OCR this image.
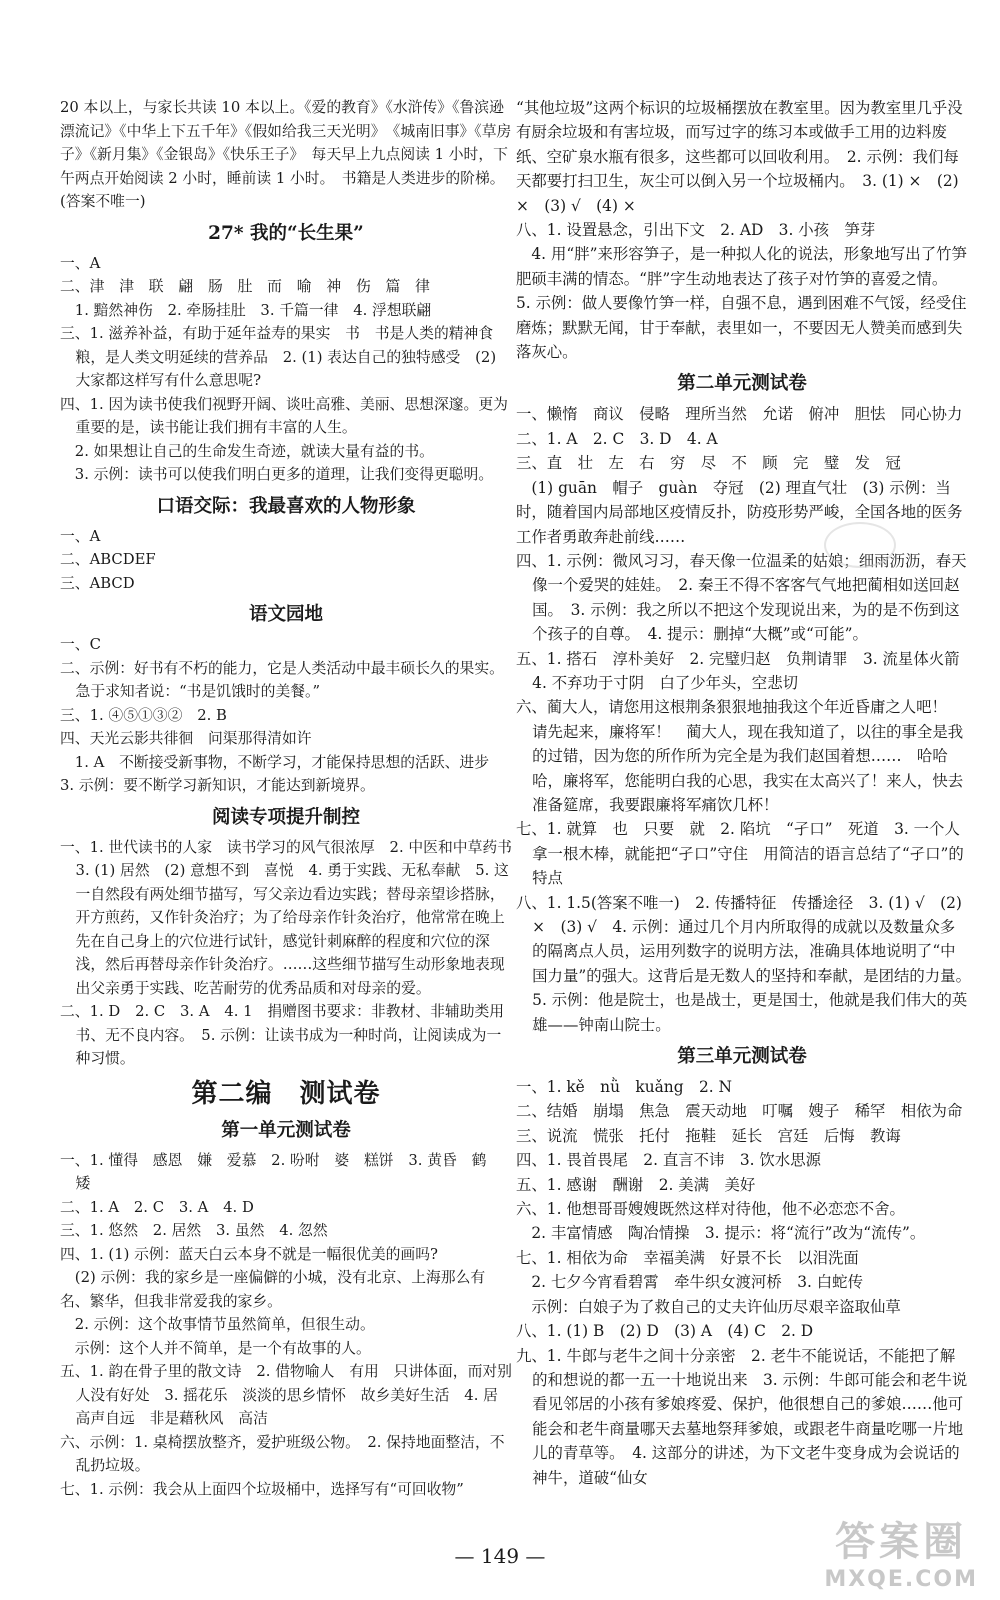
20 本以上，与家长共读 10 本以上。《爱的教育》《水浒传》《鲁滨逊漂流记》《中华上下五千年》《假如给我三天光明》　《城南旧事》《草房子》《新月集》《金银岛》《快乐王子》　每天早上九点阅读 1 小时，下午两点开始阅读 2 小时，睡前读 1 小时。　书籍是人类进步的阶梯。(答案不唯一)
27* 我的“长生果”
一、A
二、津　津　联　翩　肠　肚　而　喻　神　伤　篇　律
　1. 黯然神伤　2. 牵肠挂肚　3. 千篇一律　4. 浮想联翩
三、1. 滋养补益，有助于延年益寿的果实　书　书是人类的精神食粮，是人类文明延续的营养品　2. (1) 表达自己的独特感受　(2) 大家都这样写有什么意思呢?
四、1. 因为读书使我们视野开阔、谈吐高雅、美丽、思想深邃。更为重要的是，读书能让我们拥有丰富的人生。
　2. 如果想让自己的生命发生奇迹，就读大量有益的书。
　3. 示例：读书可以使我们明白更多的道理，让我们变得更聪明。
口语交际：我最喜欢的人物形象
一、A
二、ABCDEF
三、ABCD
语文园地
一、C
二、示例：好书有不朽的能力，它是人类活动中最丰硕长久的果实。　急于求知者说：“书是饥饿时的美餐。”
三、1. ④⑤①③②　2. B
四、天光云影共徘徊　问渠那得清如许
　1. A　不断接受新事物，不断学习，才能保持思想的活跃、进步　3. 示例：要不断学习新知识，才能达到新境界。
阅读专项提升制控
一、1. 世代读书的人家　读书学习的风气很浓厚　2. 中医和中草药书　3. (1) 居然　(2) 意想不到　喜悦　4. 勇于实践、无私奉献　5. 这一自然段有两处细节描写，写父亲边看边实践；替母亲望诊搭脉，开方煎药，又作针灸治疗；为了给母亲作针灸治疗，他常常在晚上先在自己身上的穴位进行试针，感觉针刺麻醉的程度和穴位的深浅，然后再替母亲作针灸治疗。……这些细节描写生动形象地表现出父亲勇于实践、吃苦耐劳的优秀品质和对母亲的爱。
二、1. D　2. C　3. A　4. 1　捐赠图书要求：非教材、非辅助类用书、无不良内容。　5. 示例：让读书成为一种时尚，让阅读成为一种习惯。
第二编　测试卷
第一单元测试卷
一、1. 懂得　感恩　嫌　爱慕　2. 吩咐　婆　糕饼　3. 黄昏　鹤　矮
二、1. A　2. C　3. A　4. D
三、1. 悠然　2. 居然　3. 虽然　4. 忽然
四、1. (1) 示例：蓝天白云本身不就是一幅很优美的画吗?
　(2) 示例：我的家乡是一座偏僻的小城，没有北京、上海那么有名、繁华，但我非常爱我的家乡。
　2. 示例：这个故事情节虽然简单，但很生动。
　示例：这个人并不简单，是一个有故事的人。
五、1. 韵在骨子里的散文诗　2. 借物喻人　有用　只讲体面，而对别人没有好处　3. 摇花乐　淡淡的思乡情怀　故乡美好生活　4. 居高声自远　非是藉秋风　高洁
六、示例：1. 桌椅摆放整齐，爱护班级公物。　2. 保持地面整洁，不乱扔垃圾。
七、1. 示例：我会从上面四个垃圾桶中，选择写有“可回收物”
“其他垃圾”这两个标识的垃圾桶摆放在教室里。因为教室里几乎没有厨余垃圾和有害垃圾，而写过字的练习本或做手工用的边料废纸、空矿泉水瓶有很多，这些都可以回收利用。　2. 示例：我们每天都要打扫卫生，灰尘可以倒入另一个垃圾桶内。　3. (1) ×　(2) ×　(3) √　(4) ×
八、1. 设置悬念，引出下文　2. AD　3. 小孩　笋芽
　4. 用“胖”来形容笋子，是一种拟人化的说法，形象地写出了竹笋肥硕丰满的情态。“胖”字生动地表达了孩子对竹笋的喜爱之情。　5. 示例：做人要像竹笋一样，自强不息，遇到困难不气馁，经受住磨炼；默默无闻，甘于奉献，表里如一，不要因无人赞美而感到失落灰心。
第二单元测试卷
一、懒惰　商议　侵略　理所当然　允诺　俯冲　胆怯　同心协力
二、1. A　2. C　3. D　4. A
三、直　壮　左　右　穷　尽　不　顾　完　璧　发　冠
　(1) guān　帽子　guàn　夺冠　(2) 理直气壮　(3) 示例：当时，随着国内局部地区疫情反扑，防疫形势严峻，全国各地的医务工作者勇敢奔赴前线……
四、1. 示例：微风习习，春天像一位温柔的姑娘；细雨沥沥，春天像一个爱哭的娃娃。　2. 秦王不得不客客气气地把蔺相如送回赵国。　3. 示例：我之所以不把这个发现说出来，为的是不伤到这个孩子的自尊。　4. 提示：删掉“大概”或“可能”。
五、1. 搭石　淳朴美好　2. 完璧归赵　负荆请罪　3. 流星体火箭　4. 不弃功于寸阴　白了少年头，空悲切
六、蔺大人，请您用这根荆条狠狠地抽我这个年近昏庸之人吧！　请先起来，廉将军！　蔺大人，现在我知道了，以往的事全是我的过错，因为您的所作所为完全是为我们赵国着想……　哈哈哈，廉将军，您能明白我的心思，我实在太高兴了！来人，快去准备筵席，我要跟廉将军痛饮几杯！
七、1. 就算　也　只要　就　2. 陷坑　“孑口”　死道　3. 一个人拿一根木棒，就能把“孑口”守住　用简洁的语言总结了“孑口”的特点
八、1. 1.5(答案不唯一)　2. 传播特征　传播途径　3. (1) √　(2) ×　(3) √　4. 示例：通过几个月内所取得的成就以及数量众多的隔离点人员，运用列数字的说明方法，准确具体地说明了“中国力量”的强大。这背后是无数人的坚持和奉献，是团结的力量。　5. 示例：他是院士，也是战士，更是国士，他就是我们伟大的英雄——钟南山院士。
第三单元测试卷
一、1. kě　nǜ　kuǎng　2. N
二、结婚　崩塌　焦急　震天动地　叮嘱　嫂子　稀罕　相依为命
三、说流　慌张　托付　拖鞋　延长　宫廷　后悔　教诲
四、1. 畏首畏尾　2. 直言不讳　3. 饮水思源
五、1. 感谢　酬谢　2. 美满　美好
六、1. 他想哥哥嫂嫂既然这样对待他，他不必恋恋不舍。
　2. 丰富情感　陶冶情操　3. 提示：将“流行”改为“流传”。
七、1. 相依为命　幸福美满　好景不长　以泪洗面
　2. 七夕今宵看碧霄　牵牛织女渡河桥　3. 白蛇传
　示例：白娘子为了救自己的丈夫许仙历尽艰辛盗取仙草
八、1. (1) B　(2) D　(3) A　(4) C　2. D
九、1. 牛郎与老牛之间十分亲密　2. 老牛不能说话，不能把了解的和想说的都一五一十地说出来　3. 示例：牛郎可能会和老牛说看见邻居的小孩有爹娘疼爱、保护，他很想自己的爹娘……他可能会和老牛商量哪天去墓地祭拜爹娘，或跟老牛商量吃哪一片地儿的青草等。　4. 这部分的讲述，为下文老牛变身成为会说话的神牛，道破“仙女
— 149 —	答案圈
MXQE.COM
